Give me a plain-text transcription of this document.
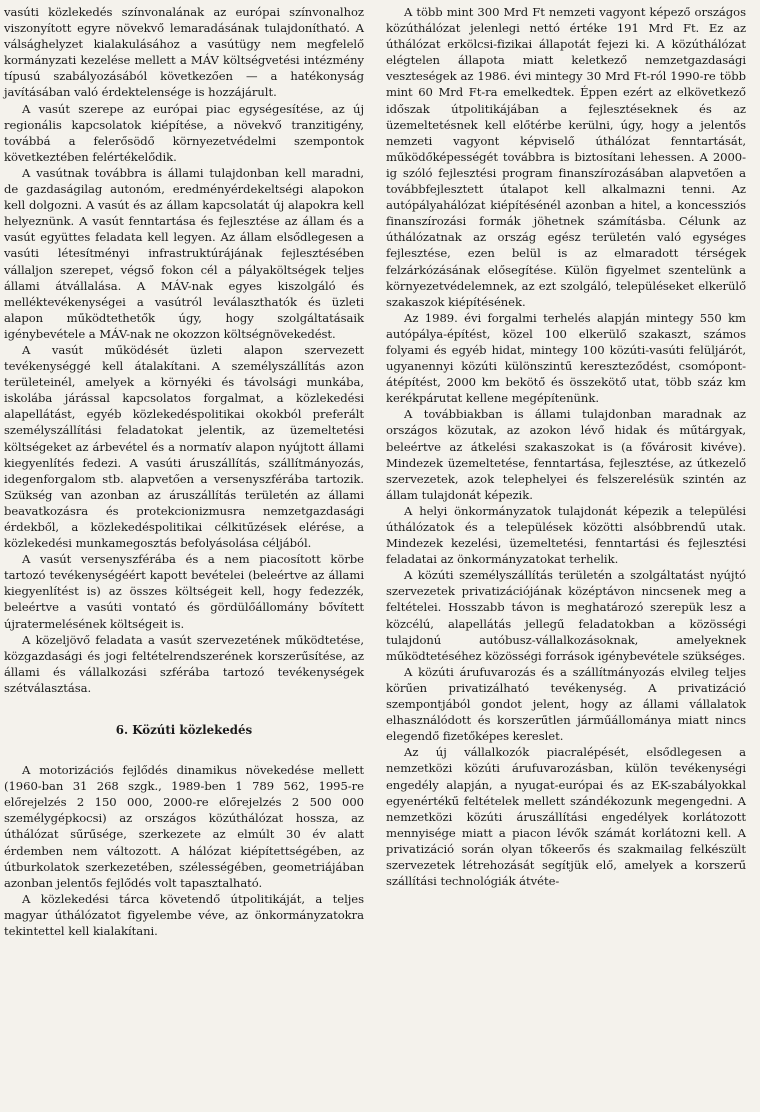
vasúti közlekedés színvonalának az európai színvonalhoz viszonyított egyre növekvő lemaradásának tulajdonítható. A válsághelyzet kialakulásához a vasútügy nem megfelelő kormányzati kezelése mellett a MÁV költségvetési intézmény típusú szabályozásából következően — a hatékonyság javításában való érdektelensége is hozzájárult.

A vasút szerepe az európai piac egységesítése, az új regionális kapcsolatok kiépítése, a növekvő tranzitigény, továbbá a felerősödő környezetvédelmi szempontok következtében felértékelődik.

A vasútnak továbbra is állami tulajdonban kell maradni, de gazdaságilag autonóm, eredményérdekeltségi alapokon kell dolgozni. A vasút és az állam kapcsolatát új alapokra kell helyeznünk. A vasút fenntartása és fejlesztése az állam és a vasút együttes feladata kell legyen. Az állam elsődlegesen a vasúti létesítményi infrastruktúrájának fejlesztésében vállaljon szerepet, végső fokon cél a pályaköltségek teljes állami átvállalása. A MÁV-nak egyes kiszolgáló és melléktevékenységei a vasútról leválaszthatók és üzleti alapon működtethetők úgy, hogy szolgáltatásaik igénybevétele a MÁV-nak ne okozzon költségnövekedést.

A vasút működését üzleti alapon szervezett tevékenységgé kell átalakítani. A személyszállítás azon területeinél, amelyek a környéki és távolsági munkába, iskolába járással kapcsolatos forgalmat, a közlekedési alapellátást, egyéb közlekedéspolitikai okokból preferált személyszállítási feladatokat jelentik, az üzemeltetési költségeket az árbevétel és a normatív alapon nyújtott állami kiegyenlítés fedezi. A vasúti áruszállítás, szállítmányozás, idegenforgalom stb. alapvetően a versenyszférába tartozik. Szükség van azonban az áruszállítás területén az állami beavatkozásra és protekcionizmusra nemzetgazdasági érdekből, a közlekedéspolitikai célkitűzések elérése, a közlekedési munkamegosztás befolyásolása céljából.

A vasút versenyszférába és a nem piacosított körbe tartozó tevékenységéért kapott bevételei (beleértve az állami kiegyenlítést is) az összes költségeit kell, hogy fedezzék, beleértve a vasúti vontató és gördülőállomány bővített újratermelésének költségeit is.

A közeljövő feladata a vasút szervezetének működtetése, közgazdasági és jogi feltételrendszerének korszerűsítése, az állami és vállalkozási szférába tartozó tevékenységek szétválasztása.

6. Közúti közlekedés

A motorizációs fejlődés dinamikus növekedése mellett (1960-ban 31 268 szgk., 1989-ben 1 789 562, 1995-re előrejelzés 2 150 000, 2000-re előrejelzés 2 500 000 személygépkocsi) az országos közúthálózat hossza, az úthálózat sűrűsége, szerkezete az elmúlt 30 év alatt érdemben nem változott. A hálózat kiépítettségében, az útburkolatok szerkezetében, szélességében, geometriájában azonban jelentős fejlődés volt tapasztalható.

A közlekedési tárca követendő útpolitikáját, a teljes magyar úthálózatot figyelembe véve, az önkormányzatokra tekintettel kell kialakítani.

A több mint 300 Mrd Ft nemzeti vagyont képező országos közúthálózat jelenlegi nettó értéke 191 Mrd Ft. Ez az úthálózat erkölcsi-fizikai állapotát fejezi ki. A közúthálózat elégtelen állapota miatt keletkező nemzetgazdasági veszteségek az 1986. évi mintegy 30 Mrd Ft-ról 1990-re több mint 60 Mrd Ft-ra emelkedtek. Éppen ezért az elkövetkező időszak útpolitikájában a fejlesztéseknek és az üzemeltetésnek kell előtérbe kerülni, úgy, hogy a jelentős nemzeti vagyont képviselő úthálózat fenntartását, működőképességét továbbra is biztosítani lehessen. A 2000-ig szóló fejlesztési program finanszírozásában alapvetően a továbbfejlesztett útalapot kell alkalmazni tenni. Az autópályahálózat kiépítésénél azonban a hitel, a koncessziós finanszírozási formák jöhetnek számításba. Célunk az úthálózatnak az ország egész területén való egységes fejlesztése, ezen belül is az elmaradott térségek felzárkózásának elősegítése. Külön figyelmet szentelünk a környezetvédelemnek, az ezt szolgáló, településeket elkerülő szakaszok kiépítésének.

Az 1989. évi forgalmi terhelés alapján mintegy 550 km autópálya-építést, közel 100 elkerülő szakaszt, számos folyami és egyéb hidat, mintegy 100 közúti-vasúti felüljárót, ugyanennyi közúti különszintű kereszteződést, csomópont-átépítést, 2000 km bekötő és összekötő utat, több száz km kerékpárutat kellene megépítenünk.

A továbbiakban is állami tulajdonban maradnak az országos közutak, az azokon lévő hidak és műtárgyak, beleértve az átkelési szakaszokat is (a fővárosit kivéve). Mindezek üzemeltetése, fenntartása, fejlesztése, az útkezelő szervezetek, azok telephelyei és felszerelésük szintén az állam tulajdonát képezik.

A helyi önkormányzatok tulajdonát képezik a települési úthálózatok és a települések közötti alsóbbrendű utak. Mindezek kezelési, üzemeltetési, fenntartási és fejlesztési feladatai az önkormányzatokat terhelik.

A közúti személyszállítás területén a szolgáltatást nyújtó szervezetek privatizációjának középtávon nincsenek meg a feltételei. Hosszabb távon is meghatározó szerepük lesz a közcélú, alapellátás jellegű feladatokban a közösségi tulajdonú autóbusz-vállalkozásoknak, amelyeknek működtetéséhez közösségi források igénybevétele szükséges.

A közúti árufuvarozás és a szállítmányozás elvileg teljes körűen privatizálható tevékenység. A privatizáció szempontjából gondot jelent, hogy az állami vállalatok elhasználódott és korszerűtlen járműállománya miatt nincs elegendő fizetőképes kereslet.

Az új vállalkozók piacralépését, elsődlegesen a nemzetközi közúti árufuvarozásban, külön tevékenységi engedély alapján, a nyugat-európai és az EK-szabályokkal egyenértékű feltételek mellett szándékozunk megengedni. A nemzetközi közúti áruszállítási engedélyek korlátozott mennyisége miatt a piacon lévők számát korlátozni kell. A privatizáció során olyan tőkeerős és szakmailag felkészült szervezetek létrehozását segítjük elő, amelyek a korszerű szállítási technológiák átvéte-
